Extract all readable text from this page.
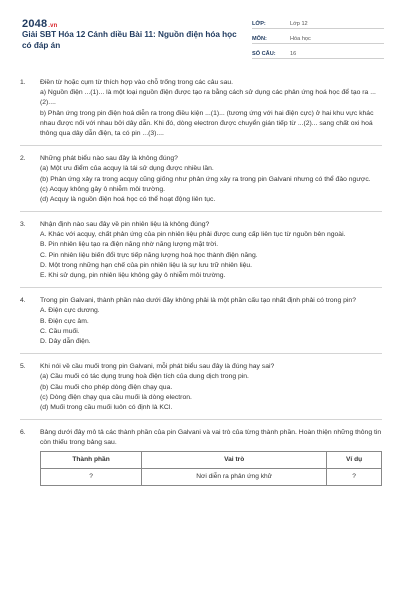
2048.vn
Giải SBT Hóa 12 Cánh diều Bài 11: Nguồn điện hóa học có đáp án
LỚP:	Lớp 12
MÔN:	Hóa học
SỐ CÂU:	16
1.	Điền từ hoặc cụm từ thích hợp vào chỗ trống trong các câu sau.
a) Nguồn điện ...(1)... là một loại nguồn điện được tạo ra bằng cách sử dụng các phản ứng hoá học để tạo ra ...(2)....
b) Phản ứng trong pin điện hoá diễn ra trong điều kiện ...(1)... (tương ứng với hai điện cực) ở hai khu vực khác nhau được nối với nhau bởi dây dẫn. Khi đó, dòng electron được chuyển gián tiếp từ ...(2)... sang chất oxi hoá thông qua dây dẫn điện, ta có pin ...(3)....
2.	Những phát biểu nào sau đây là không đúng?
(a) Một ưu điểm của acquy là tái sử dụng được nhiều lần.
(b) Phản ứng xảy ra trong acquy cũng giống như phản ứng xảy ra trong pin Galvani nhưng có thể đảo ngược.
(c) Acquy không gây ô nhiễm môi trường.
(d) Acquy là nguồn điện hoá học có thể hoạt động liên tục.
3.	Nhận định nào sau đây về pin nhiên liệu là không đúng?
A. Khác với acquy, chất phản ứng của pin nhiên liệu phải được cung cấp liên tục từ nguồn bên ngoài.
B. Pin nhiên liệu tạo ra điện năng nhờ năng lượng mặt trời.
C. Pin nhiên liệu biến đổi trực tiếp năng lượng hoá học thành điện năng.
D. Một trong những hạn chế của pin nhiên liệu là sự lưu trữ nhiên liệu.
E. Khi sử dụng, pin nhiên liệu không gây ô nhiễm môi trường.
4.	Trong pin Galvani, thành phần nào dưới đây không phải là một phần cấu tạo nhất định phải có trong pin?
A. Điện cực dương.
B. Điện cực âm.
C. Cầu muối.
D. Dây dẫn điện.
5.	Khi nói về cầu muối trong pin Galvani, mỗi phát biểu sau đây là đúng hay sai?
(a) Cầu muối có tác dụng trung hoà điện tích của dung dịch trong pin.
(b) Cầu muối cho phép dòng điện chạy qua.
(c) Dòng điện chạy qua cầu muối là dòng electron.
(d) Muối trong cầu muối luôn có định là KCl.
6.	Bảng dưới đây mô tả các thành phần của pin Galvani và vai trò của từng thành phần. Hoàn thiện những thông tin còn thiếu trong bảng sau.
Thành phần	Vai trò	Ví dụ
?	Nơi diễn ra phản ứng khử	?
